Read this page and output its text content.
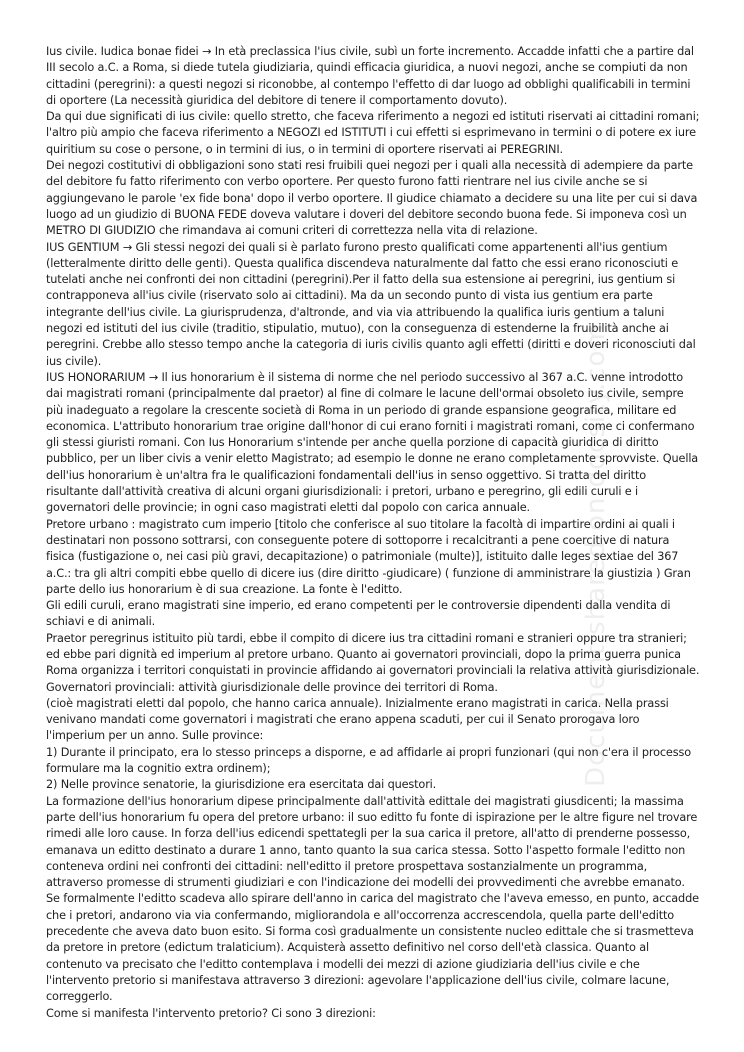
Ius civile. Iudica bonae fidei → In età preclassica l'ius civile, subì un forte incremento. Accadde infatti che a partire dal III secolo a.C. a Roma, si diede tutela giudiziaria, quindi efficacia giuridica, a nuovi negozi, anche se compiuti da non cittadini (peregrini): a questi negozi si riconobbe, al contempo l'effetto di dar luogo ad obblighi qualificabili in termini di oportere (La necessità giuridica del debitore di tenere il comportamento dovuto).

Da qui due significati di ius civile: quello stretto, che faceva riferimento a negozi ed istituti riservati ai cittadini romani; l'altro più ampio che faceva riferimento a NEGOZI ed ISTITUTI i cui effetti si esprimevano in termini o di potere ex iure quiritium su cose o persone, o in termini di ius, o in termini di oportere riservati ai PEREGRINI.

Dei negozi costitutivi di obbligazioni sono stati resi fruibili quei negozi per i quali alla necessità di adempiere da parte del debitore fu fatto riferimento con verbo oportere. Per questo furono fatti rientrare nel ius civile anche se si aggiungevano le parole 'ex fide bona' dopo il verbo oportere. Il giudice chiamato a decidere su una lite per cui si dava luogo ad un giudizio di BUONA FEDE doveva valutare i doveri del debitore secondo buona fede. Si imponeva così un METRO DI GIUDIZIO che rimandava ai comuni criteri di correttezza nella vita di relazione.

IUS GENTIUM → Gli stessi negozi dei quali si è parlato furono presto qualificati come appartenenti all'ius gentium (letteralmente diritto delle genti). Questa qualifica discendeva naturalmente dal fatto che essi erano riconosciuti e tutelati anche nei confronti dei non cittadini (peregrini).Per il fatto della sua estensione ai peregrini, ius gentium si contrapponeva all'ius civile (riservato solo ai cittadini). Ma da un secondo punto di vista ius gentium era parte integrante dell'ius civile. La giurisprudenza, d'altronde, and via via attribuendo la qualifica iuris gentium a taluni negozi ed istituti del ius civile (traditio, stipulatio, mutuo), con la conseguenza di estenderne la fruibilità anche ai peregrini. Crebbe allo stesso tempo anche la categoria di iuris civilis quanto agli effetti (diritti e doveri riconosciuti dal ius civile).

IUS HONORARIUM → Il ius honorarium è il sistema di norme che nel periodo successivo al 367 a.C. venne introdotto dai magistrati romani (principalmente dal praetor) al fine di colmare le lacune dell'ormai obsoleto ius civile, sempre più inadeguato a regolare la crescente società di Roma in un periodo di grande espansione geografica, militare ed economica. L'attributo honorarium trae origine dall'honor di cui erano forniti i magistrati romani, come ci confermano gli stessi giuristi romani. Con Ius Honorarium s'intende per anche quella porzione di capacità giuridica di diritto pubblico, per un liber civis a venir eletto Magistrato; ad esempio le donne ne erano completamente sprovviste. Quella dell'ius honorarium è un'altra fra le qualificazioni fondamentali dell'ius in senso oggettivo. Si tratta del diritto risultante dall'attività creativa di alcuni organi giurisdizionali: i pretori, urbano e peregrino, gli edili curuli e i governatori delle provincie; in ogni caso magistrati eletti dal popolo con carica annuale.

Pretore urbano : magistrato cum imperio [titolo che conferisce al suo titolare la facoltà di impartire ordini ai quali i destinatari non possono sottrarsi, con conseguente potere di sottoporre i recalcitranti a pene coercitive di natura fisica (fustigazione o, nei casi più gravi, decapitazione) o patrimoniale (multe)], istituito dalle leges sextiae del 367 a.C.: tra gli altri compiti ebbe quello di dicere ius (dire diritto -giudicare) ( funzione di amministrare la giustizia ) Gran parte dello ius honorarium è di sua creazione. La fonte è l'editto.

Gli edili curuli, erano magistrati sine imperio, ed erano competenti per le controversie dipendenti dalla vendita di schiavi e di animali.

Praetor peregrinus istituito più tardi, ebbe il compito di dicere ius tra cittadini romani e stranieri oppure tra stranieri; ed ebbe pari dignità ed imperium al pretore urbano. Quanto ai governatori provinciali, dopo la prima guerra punica Roma organizza i territori conquistati in provincie affidando ai governatori provinciali la relativa attività giurisdizionale.

Governatori provinciali: attività giurisdizionale delle province dei territori di Roma.

(cioè magistrati eletti dal popolo, che hanno carica annuale). Inizialmente erano magistrati in carica. Nella prassi venivano mandati come governatori i magistrati che erano appena scaduti, per cui il Senato prorogava loro l'imperium per un anno. Sulle province:

1) Durante il principato, era lo stesso princeps a disporne, e ad affidarle ai propri funzionari (qui non c'era il processo formulare ma la cognitio extra ordinem);

2) Nelle province senatorie, la giurisdizione era esercitata dai questori.

La formazione dell'ius honorarium dipese principalmente dall'attività edittale dei magistrati giusdicenti; la massima parte dell'ius honorarium fu opera del pretore urbano: il suo editto fu fonte di ispirazione per le altre figure nel trovare rimedi alle loro cause. In forza dell'ius edicendi spettategli per la sua carica il pretore, all'atto di prenderne possesso, emanava un editto destinato a durare 1 anno, tanto quanto la sua carica stessa. Sotto l'aspetto formale l'editto non conteneva ordini nei confronti dei cittadini: nell'editto il pretore prospettava sostanzialmente un programma, attraverso promesse di strumenti giudiziari e con l'indicazione dei modelli dei provvedimenti che avrebbe emanato. Se formalmente l'editto scadeva allo spirare dell'anno in carica del magistrato che l'aveva emesso, en punto, accadde che i pretori, andarono via via confermando, migliorandola e all'occorrenza accrescendola, quella parte dell'editto precedente che aveva dato buon esito. Si forma così gradualmente un consistente nucleo edittale che si trasmetteva da pretore in pretore (edictum tralaticium). Acquisterà assetto definitivo nel corso dell'età classica. Quanto al contenuto va precisato che l'editto contemplava i modelli dei mezzi di azione giudiziaria dell'ius civile e che l'intervento pretorio si manifestava attraverso 3 direzioni: agevolare l'applicazione dell'ius civile, colmare lacune, correggerlo.

Come si manifesta l'intervento pretorio? Ci sono 3 direzioni:

Document shared on docsity.com
